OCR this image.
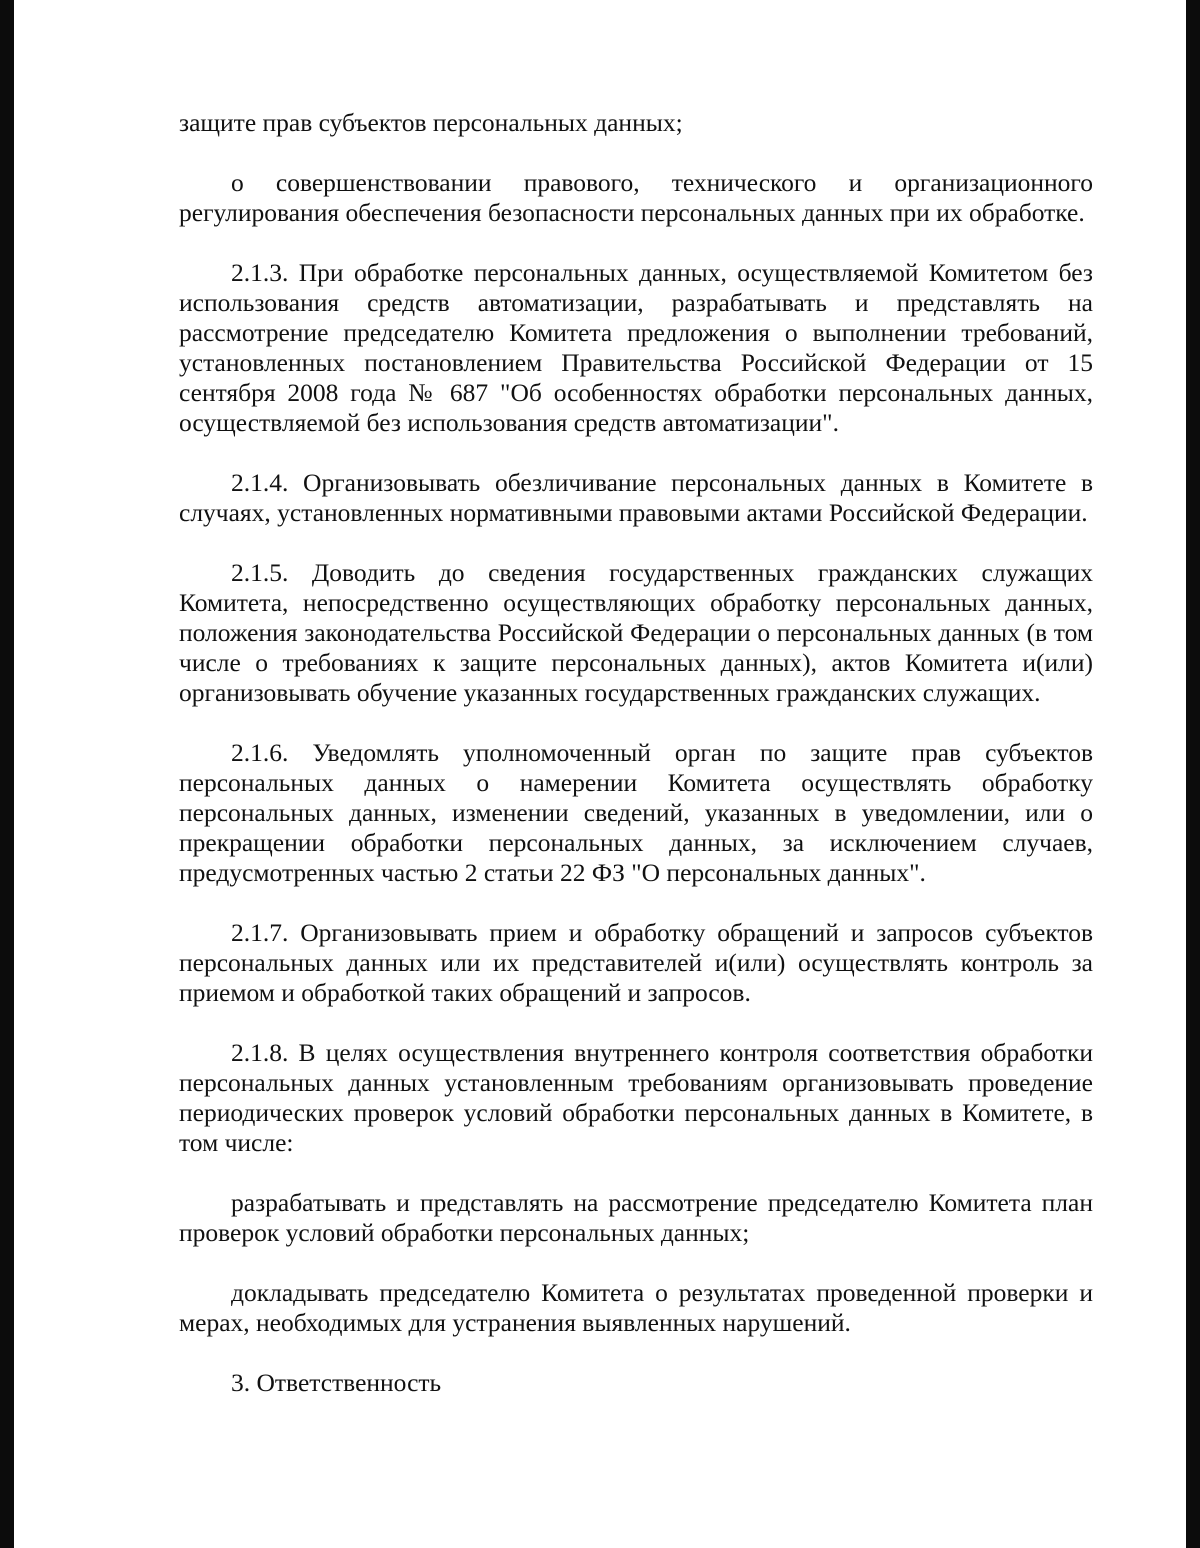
защите прав субъектов персональных данных;

о совершенствовании правового, технического и организационного регулирования обеспечения безопасности персональных данных при их обработке.

2.1.3. При обработке персональных данных, осуществляемой Комитетом без использования средств автоматизации, разрабатывать и представлять на рассмотрение председателю Комитета предложения о выполнении требований, установленных постановлением Правительства Российской Федерации от 15 сентября 2008 года № 687 "Об особенностях обработки персональных данных, осуществляемой без использования средств автоматизации".

2.1.4. Организовывать обезличивание персональных данных в Комитете в случаях, установленных нормативными правовыми актами Российской Федерации.

2.1.5. Доводить до сведения государственных гражданских служащих Комитета, непосредственно осуществляющих обработку персональных данных, положения законодательства Российской Федерации о персональных данных (в том числе о требованиях к защите персональных данных), актов Комитета и(или) организовывать обучение указанных государственных гражданских служащих.

2.1.6. Уведомлять уполномоченный орган по защите прав субъектов персональных данных о намерении Комитета осуществлять обработку персональных данных, изменении сведений, указанных в уведомлении, или о прекращении обработки персональных данных, за исключением случаев, предусмотренных частью 2 статьи 22 ФЗ "О персональных данных".

2.1.7. Организовывать прием и обработку обращений и запросов субъектов персональных данных или их представителей и(или) осуществлять контроль за приемом и обработкой таких обращений и запросов.

2.1.8. В целях осуществления внутреннего контроля соответствия обработки персональных данных установленным требованиям организовывать проведение периодических проверок условий обработки персональных данных в Комитете, в том числе:

разрабатывать и представлять на рассмотрение председателю Комитета план проверок условий обработки персональных данных;

докладывать председателю Комитета о результатах проведенной проверки и мерах, необходимых для устранения выявленных нарушений.

3. Ответственность
